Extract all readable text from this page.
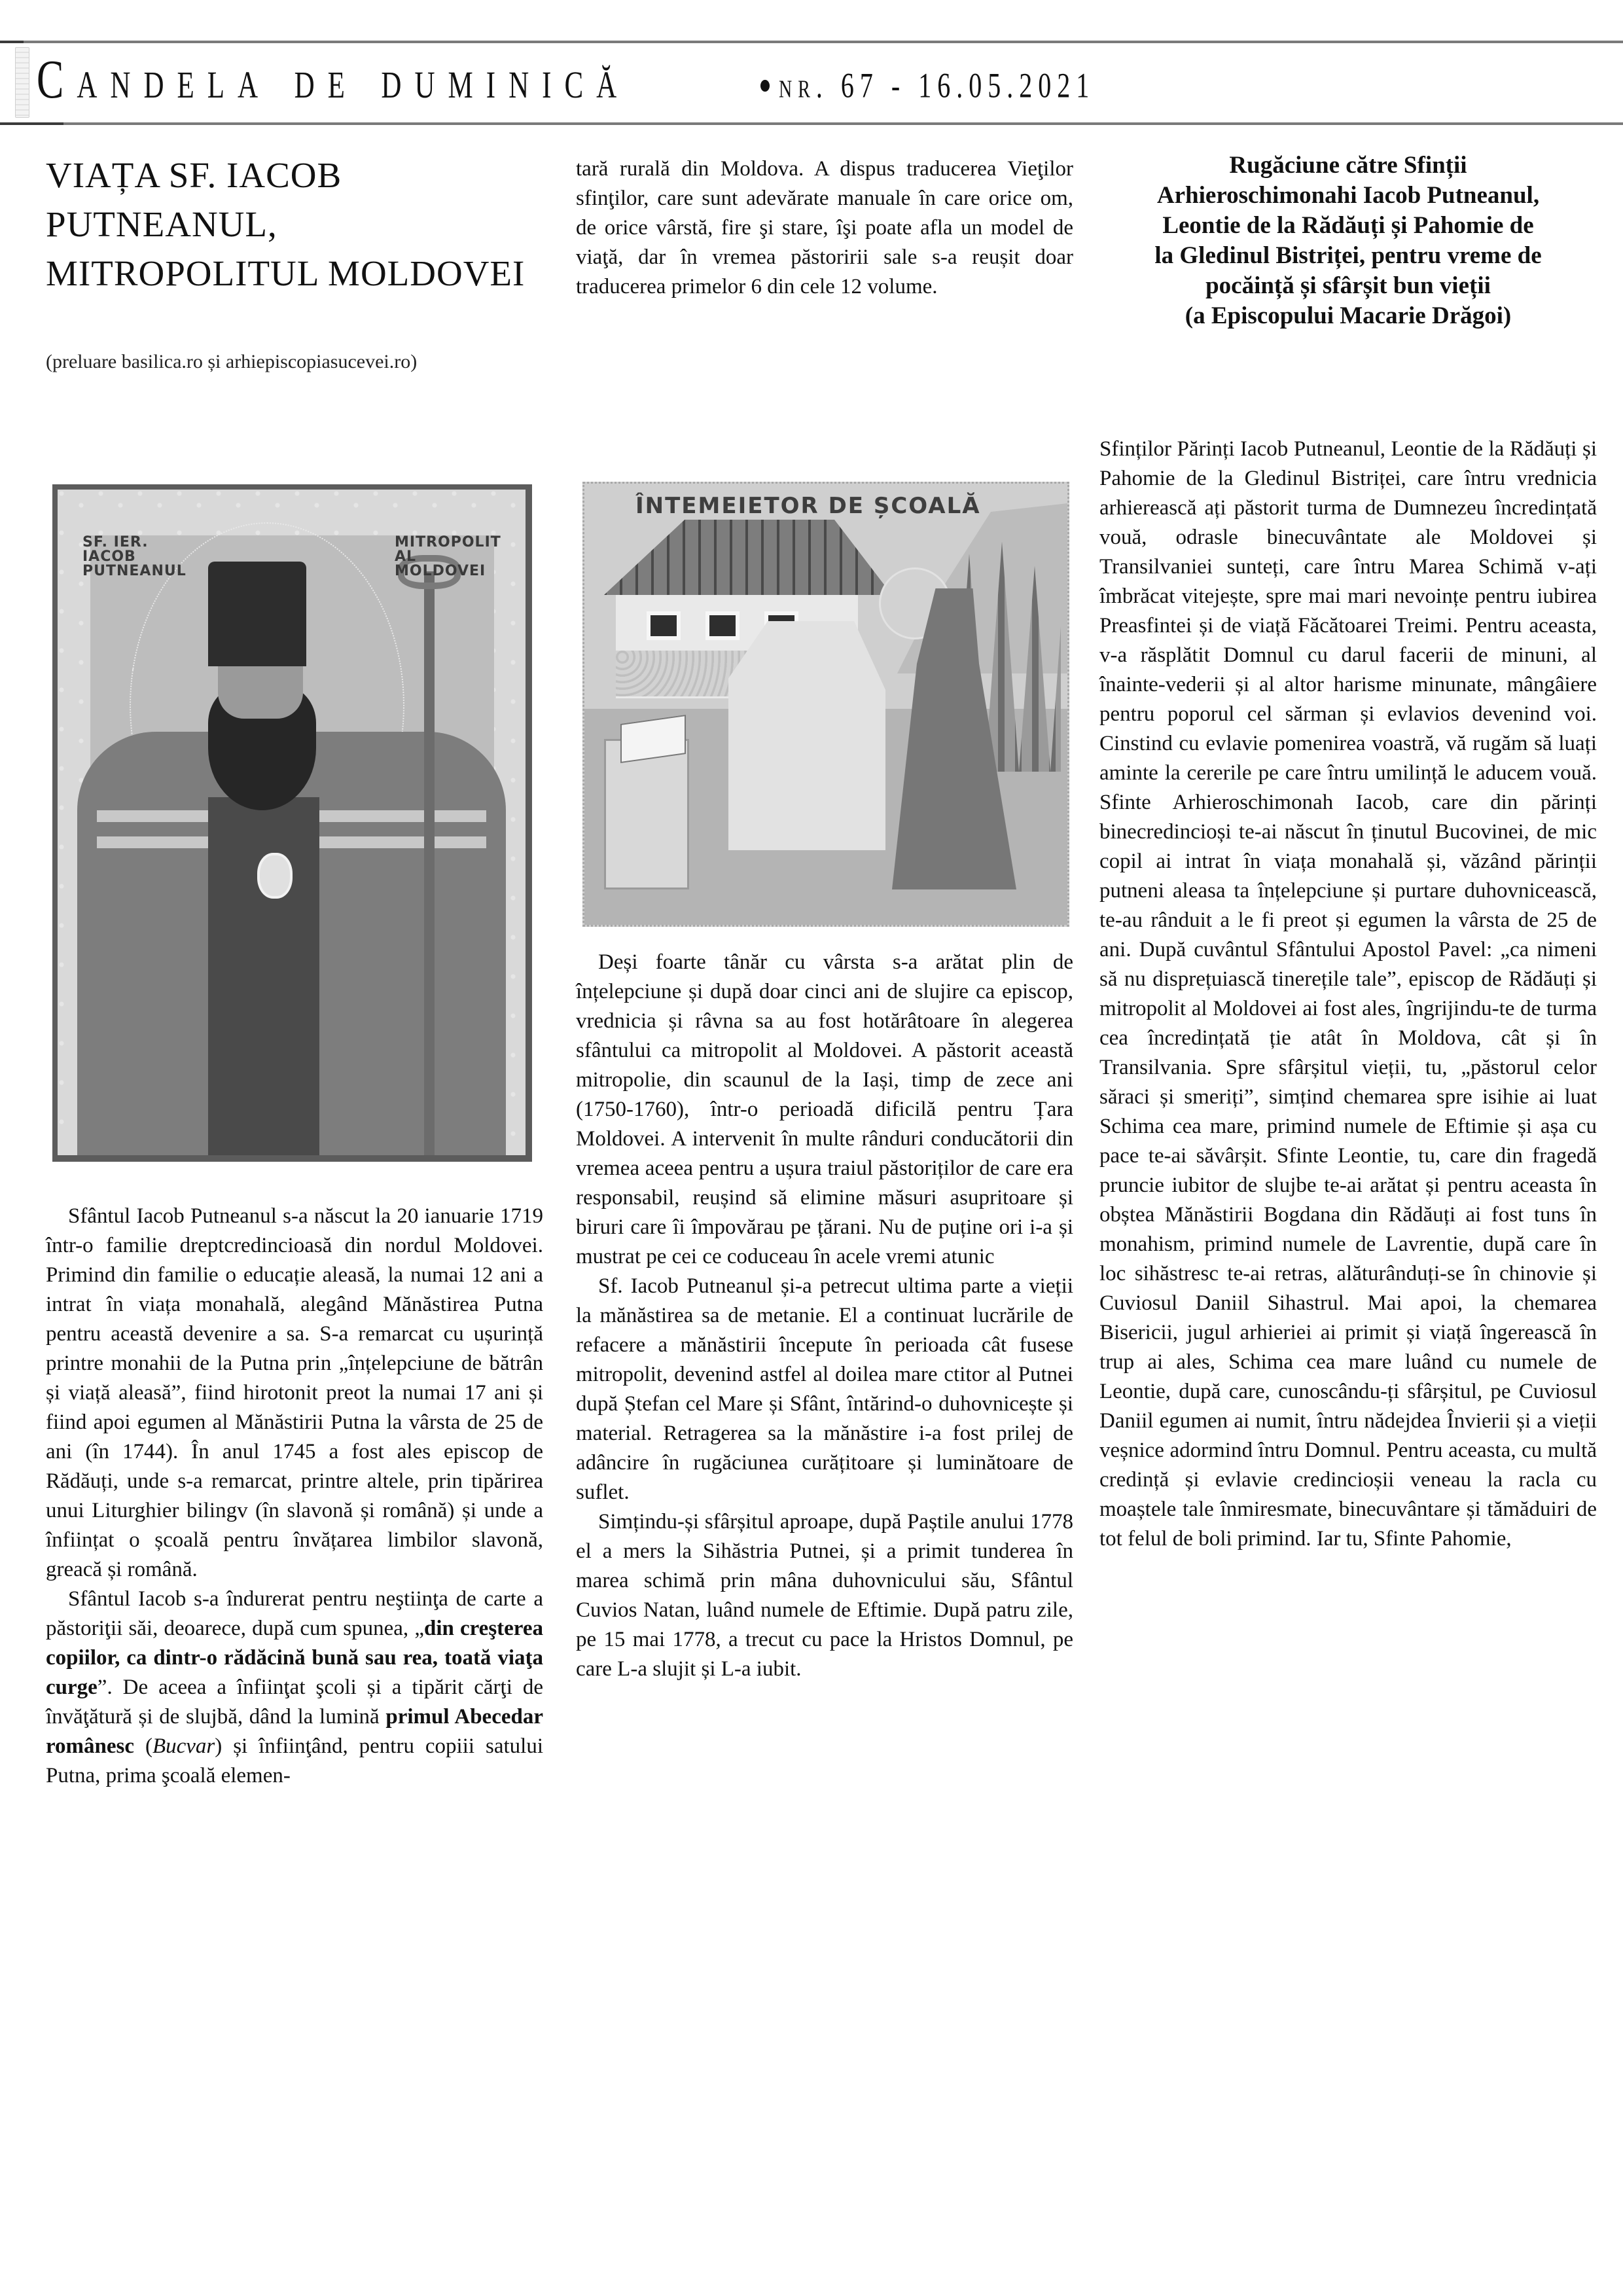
Candela de duminică	nr. 67 - 16.05.2021
VIAȚA SF. IACOB PUTNEANUL, MITROPOLITUL MOLDOVEI
(preluare basilica.ro și arhiepiscopiasucevei.ro)
SF. IER. IACOB PUTNEANUL
MITROPOLIT AL MOLDOVEI

Sfântul Iacob Putneanul s-a născut la 20 ianuarie 1719 într-o familie dreptcredincioasă din nordul Moldovei. Primind din familie o educație aleasă, la numai 12 ani a intrat în viața monahală, alegând Mănăstirea Putna pentru această devenire a sa. S-a remarcat cu ușurință printre monahii de la Putna prin „înțelepciune de bătrân și viață aleasă”, fiind hirotonit preot la numai 17 ani și fiind apoi egumen al Mănăstirii Putna la vârsta de 25 de ani (în 1744). În anul 1745 a fost ales episcop de Rădăuți, unde s-a remarcat, printre altele, prin tipărirea unui Liturghier bilingv (în slavonă și română) și unde a înființat o școală pentru învățarea limbilor slavonă, greacă și română.

Sfântul Iacob s-a îndurerat pentru neştiinţa de carte a păstoriţii săi, deoarece, după cum spunea, „din creşterea copiilor, ca dintr-o rădăcină bună sau rea, toată viaţa curge”. De aceea a înfiinţat şcoli și a tipărit cărţi de învăţătură și de slujbă, dând la lumină primul Abecedar românesc (Bucvar) și înfiinţând, pentru copiii satului Putna, prima şcoală elemen-

tară rurală din Moldova. A dispus traducerea Vieţilor sfinţilor, care sunt adevărate manuale în care orice om, de orice vârstă, fire şi stare, îşi poate afla un model de viaţă, dar în vremea păstoririi sale s-a reușit doar traducerea primelor 6 din cele 12 volume.

ÎNTEMEIETOR DE ȘCOALĂ

Deși foarte tânăr cu vârsta s-a arătat plin de înțelepciune și după doar cinci ani de slujire ca episcop, vrednicia și râvna sa au fost hotărâtoare în alegerea sfântului ca mitropolit al Moldovei. A păstorit această mitropolie, din scaunul de la Iași, timp de zece ani (1750-1760), într-o perioadă dificilă pentru Țara Moldovei. A intervenit în multe rânduri conducătorii din vremea aceea pentru a ușura traiul păstoriților de care era responsabil, reușind să elimine măsuri asupritoare și biruri care îi împovărau pe țărani. Nu de puține ori i-a și mustrat pe cei ce coduceau în acele vremi atunic

Sf. Iacob Putneanul și-a petrecut ultima parte a vieții la mănăstirea sa de metanie. El a continuat lucrările de refacere a mănăstirii începute în perioada cât fusese mitropolit, devenind astfel al doilea mare ctitor al Putnei după Ștefan cel Mare și Sfânt, întărind-o duhovnicește și material. Retragerea sa la mănăstire i-a fost prilej de adâncire în rugăciunea curățitoare și luminătoare de suflet.

Simțindu-și sfârșitul aproape, după Paștile anului 1778 el a mers la Sihăstria Putnei, și a primit tunderea în marea schimă prin mâna duhovnicului său, Sfântul Cuvios Natan, luând numele de Eftimie. După patru zile, pe 15 mai 1778, a trecut cu pace la Hristos Domnul, pe care L-a slujit și L-a iubit.

Rugăciune către Sfinții
Arhieroschimonahi Iacob Putneanul,
Leontie de la Rădăuți și Pahomie de
la Gledinul Bistriței, pentru vreme de
pocăință și sfârșit bun vieții
(a Episcopului Macarie Drăgoi)

Sfinților Părinți Iacob Putneanul, Leontie de la Rădăuți și Pahomie de la Gledinul Bistriței, care întru vrednicia arhierească ați păstorit turma de Dumnezeu încredințată vouă, odrasle binecuvântate ale Moldovei și Transilvaniei sunteți, care întru Marea Schimă v-ați îmbrăcat vitejește, spre mai mari nevoințe pentru iubirea Preasfintei și de viață Făcătoarei Treimi. Pentru aceasta, v-a răsplătit Domnul cu darul facerii de minuni, al înainte-vederii și al altor harisme minunate, mângâiere pentru poporul cel sărman și evlavios devenind voi. Cinstind cu evlavie pomenirea voastră, vă rugăm să luați aminte la cererile pe care întru umilință le aducem vouă. Sfinte Arhieroschimonah Iacob, care din părinți binecredincioși te-ai născut în ținutul Bucovinei, de mic copil ai intrat în viața monahală și, văzând părinții putneni aleasa ta înțelepciune și purtare duhovnicească, te-au rânduit a le fi preot și egumen la vârsta de 25 de ani. După cuvântul Sfântului Apostol Pavel: „ca nimeni să nu disprețuiască tinerețile tale”, episcop de Rădăuți și mitropolit al Moldovei ai fost ales, îngrijindu-te de turma cea încredințată ție atât în Moldova, cât și în Transilvania. Spre sfârșitul vieții, tu, „păstorul celor săraci și smeriți”, simțind chemarea spre isihie ai luat Schima cea mare, primind numele de Eftimie și așa cu pace te-ai săvârșit. Sfinte Leontie, tu, care din fragedă pruncie iubitor de slujbe te-ai arătat și pentru aceasta în obștea Mănăstirii Bogdana din Rădăuți ai fost tuns în monahism, primind numele de Lavrentie, după care în loc sihăstresc te-ai retras, alăturânduți-se în chinovie și Cuviosul Daniil Sihastrul. Mai apoi, la chemarea Bisericii, jugul arhieriei ai primit și viață îngerească în trup ai ales, Schima cea mare luând cu numele de Leontie, după care, cunoscându-ți sfârșitul, pe Cuviosul Daniil egumen ai numit, întru nădejdea Învierii și a vieții veșnice adormind întru Domnul. Pentru aceasta, cu multă credință și evlavie credincioșii veneau la racla cu moaștele tale înmiresmate, binecuvântare și tămăduiri de tot felul de boli primind. Iar tu, Sfinte Pahomie,
